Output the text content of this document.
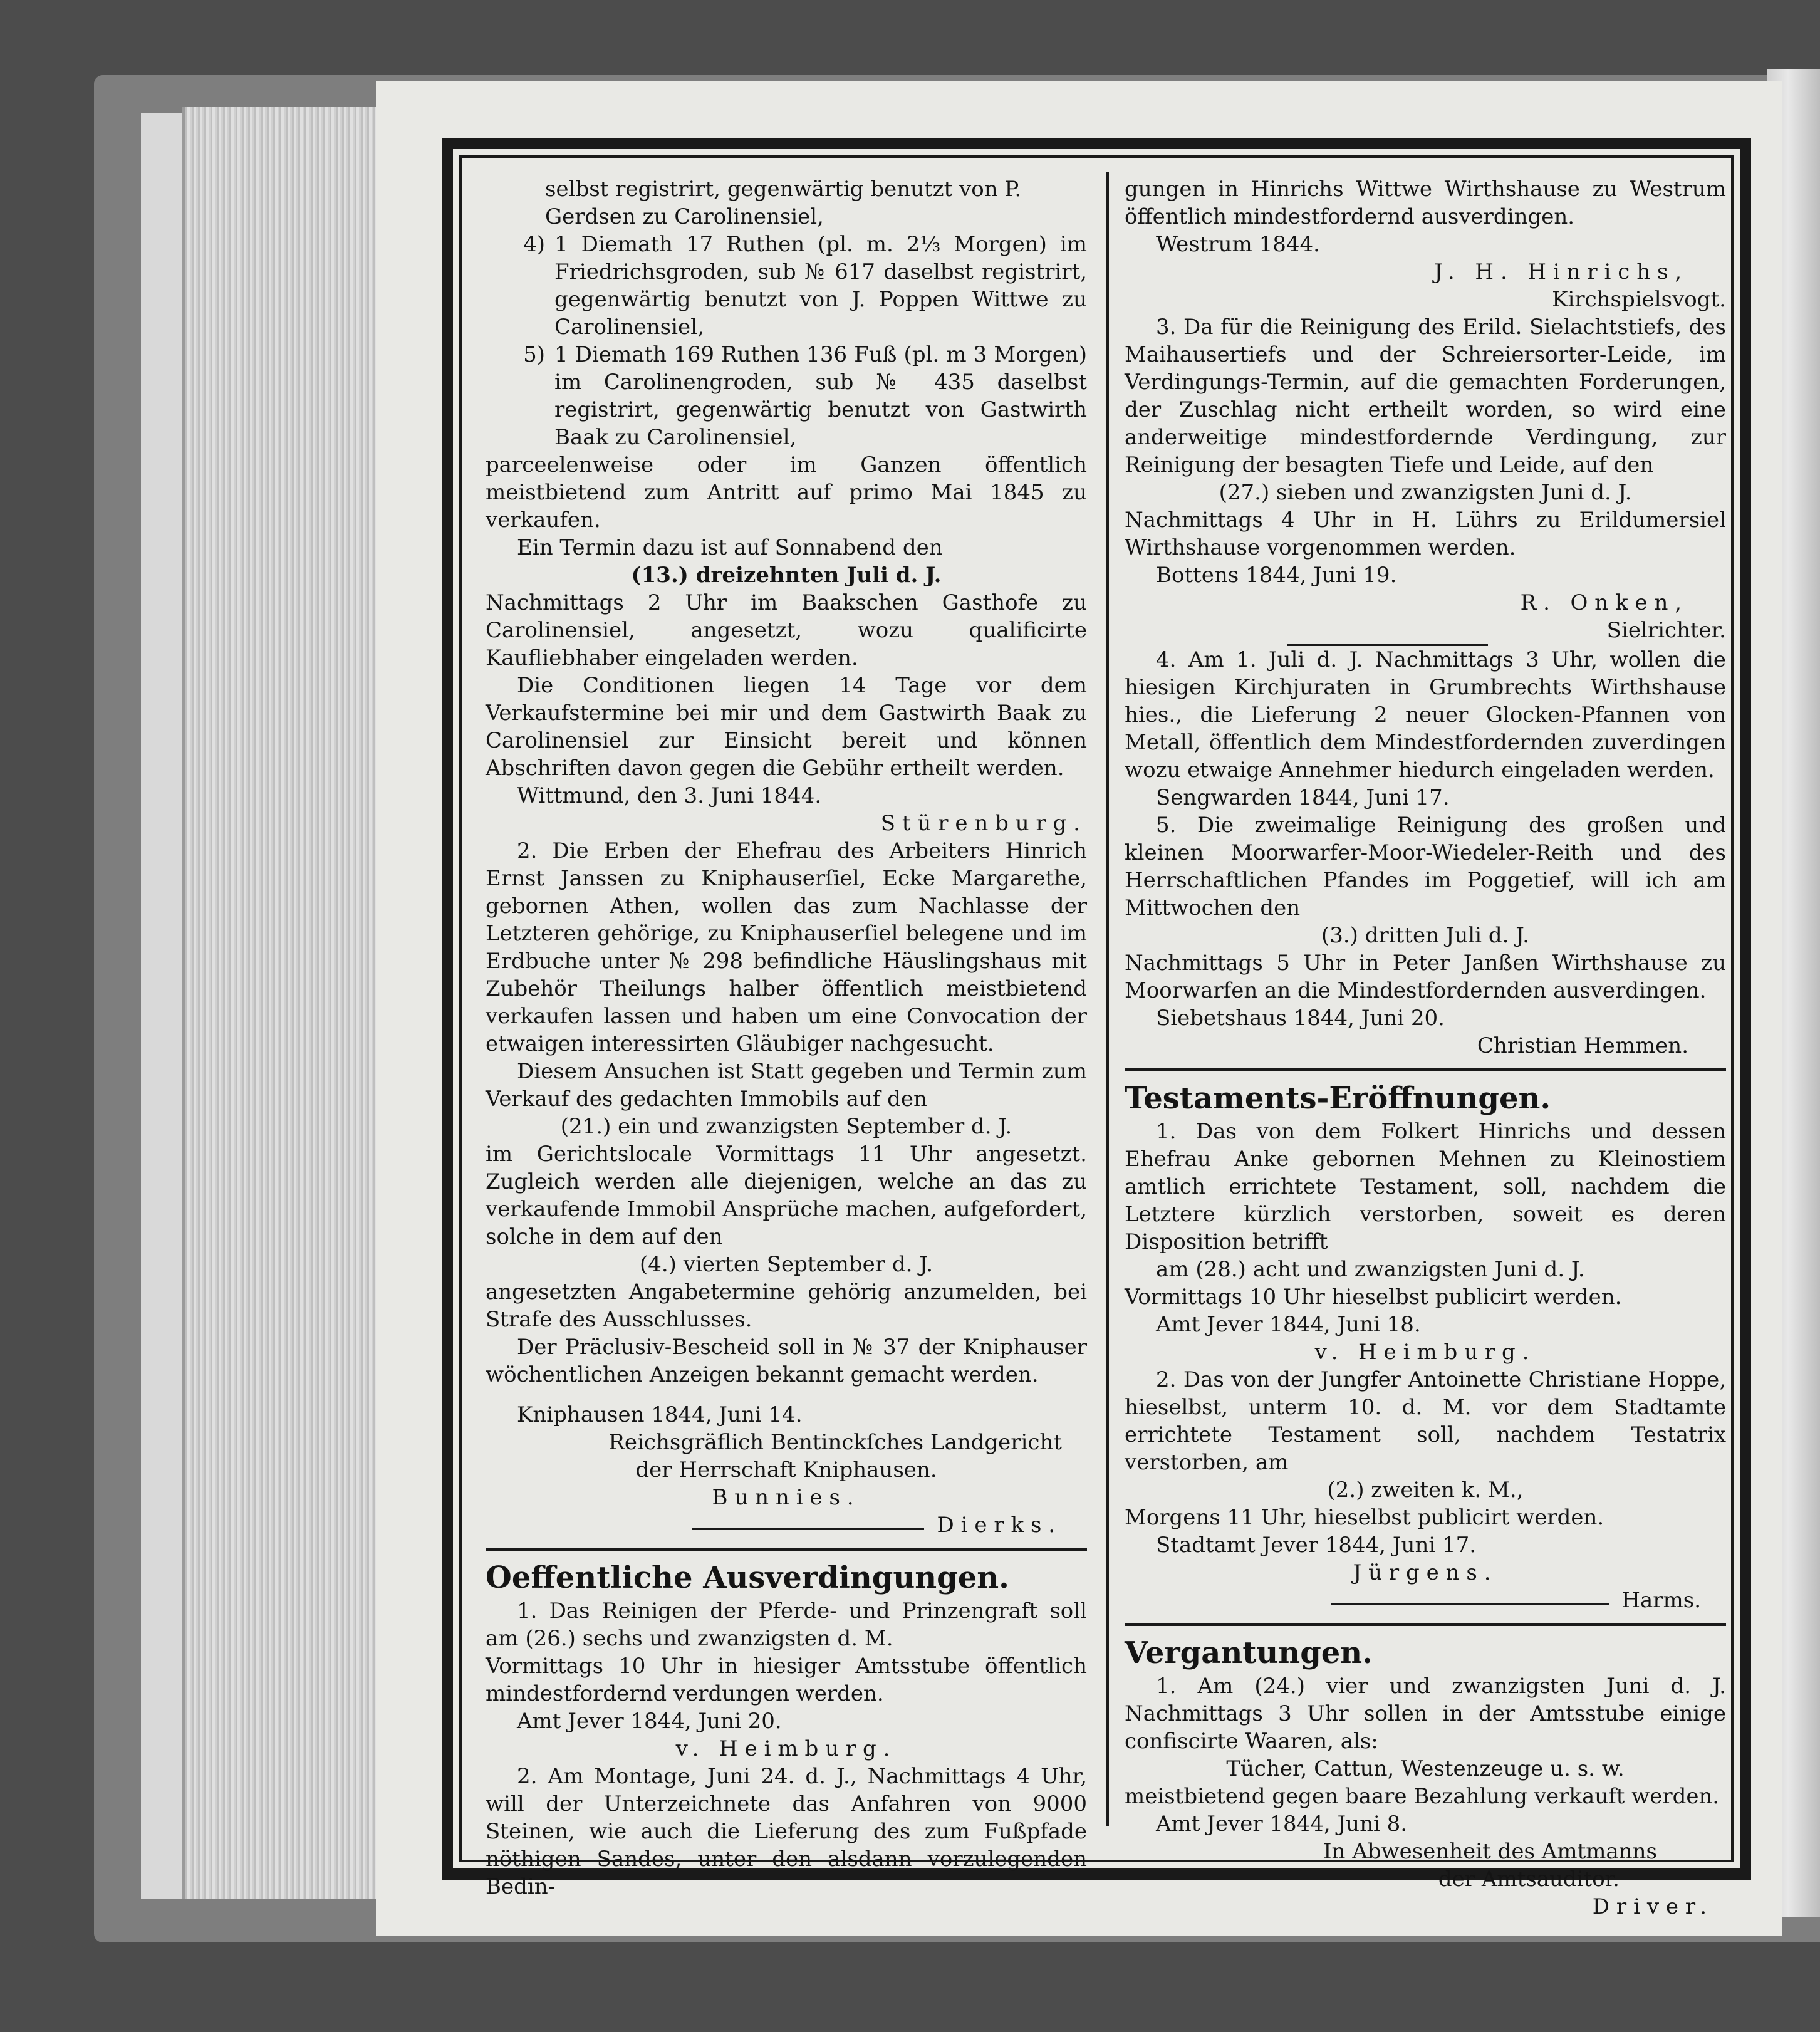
selbst registrirt, gegenwärtig benutzt von P.

Gerdsen zu Carolinensiel,

4) 1 Diemath 17 Ruthen (pl. m. 2⅓ Morgen) im Friedrichsgroden, sub № 617 daselbst registrirt, gegenwärtig benutzt von J. Poppen Wittwe zu Carolinensiel,
5) 1 Diemath 169 Ruthen 136 Fuß (pl. m 3 Morgen) im Carolinengroden, sub № 435 daselbst registrirt, gegenwärtig benutzt von Gastwirth Baak zu Carolinensiel,

parceelenweise oder im Ganzen öffentlich meistbietend zum Antritt auf primo Mai 1845 zu verkaufen.

Ein Termin dazu ist auf Sonnabend den

(13.) dreizehnten Juli d. J.

Nachmittags 2 Uhr im Baakschen Gasthofe zu Carolinensiel, angesetzt, wozu qualificirte Kaufliebhaber eingeladen werden.

Die Conditionen liegen 14 Tage vor dem Verkaufstermine bei mir und dem Gastwirth Baak zu Carolinensiel zur Einsicht bereit und können Abschriften davon gegen die Gebühr ertheilt werden.

Wittmund, den 3. Juni 1844.

Stürenburg.

2. Die Erben der Ehefrau des Arbeiters Hinrich Ernst Janssen zu Kniphauserſiel, Ecke Margarethe, gebornen Athen, wollen das zum Nachlasse der Letzteren gehörige, zu Kniphauserſiel belegene und im Erdbuche unter № 298 befindliche Häuslingshaus mit Zubehör Theilungs halber öffentlich meistbietend verkaufen lassen und haben um eine Convocation der etwaigen interessirten Gläubiger nachgesucht.

Diesem Ansuchen ist Statt gegeben und Termin zum Verkauf des gedachten Immobils auf den

(21.) ein und zwanzigsten September d. J.

im Gerichtslocale Vormittags 11 Uhr angesetzt. Zugleich werden alle diejenigen, welche an das zu verkaufende Immobil Ansprüche machen, aufgefordert, solche in dem auf den

(4.) vierten September d. J.

angesetzten Angabetermine gehörig anzumelden, bei Strafe des Ausschlusses.

Der Präclusiv-Bescheid soll in № 37 der Kniphauser wöchentlichen Anzeigen bekannt gemacht werden.

Kniphausen 1844, Juni 14.

Reichsgräflich Bentinckſches Landgericht

der Herrschaft Kniphausen.

Bunnies.

Dierks.

Oeffentliche Ausverdingungen.

1. Das Reinigen der Pferde- und Prinzengraft soll am (26.) sechs und zwanzigsten d. M.

Vormittags 10 Uhr in hiesiger Amtsstube öffentlich mindestfordernd verdungen werden.

Amt Jever 1844, Juni 20.

v. Heimburg.

2. Am Montage, Juni 24. d. J., Nachmittags 4 Uhr, will der Unterzeichnete das Anfahren von 9000 Steinen, wie auch die Lieferung des zum Fußpfade nöthigen Sandes, unter den alsdann vorzulegenden Bedin-

gungen in Hinrichs Wittwe Wirthshause zu Westrum öffentlich mindestfordernd ausverdingen.

Westrum 1844.

J. H. Hinrichs,

Kirchspielsvogt.

3. Da für die Reinigung des Erild. Sielachtstiefs, des Maihausertiefs und der Schreiersorter-Leide, im Verdingungs-Termin, auf die gemachten Forderungen, der Zuschlag nicht ertheilt worden, so wird eine anderweitige mindestfordernde Verdingung, zur Reinigung der besagten Tiefe und Leide, auf den

(27.) sieben und zwanzigsten Juni d. J.

Nachmittags 4 Uhr in H. Lührs zu Erildumersiel Wirthshause vorgenommen werden.

Bottens 1844, Juni 19.

R. Onken,

Sielrichter.

4. Am 1. Juli d. J. Nachmittags 3 Uhr, wollen die hiesigen Kirchjuraten in Grumbrechts Wirthshause hies., die Lieferung 2 neuer Glocken-Pfannen von Metall, öffentlich dem Mindestfordernden zuverdingen wozu etwaige Annehmer hiedurch eingeladen werden.

Sengwarden 1844, Juni 17.

5. Die zweimalige Reinigung des großen und kleinen Moorwarfer-Moor-Wiedeler-Reith und des Herrschaftlichen Pfandes im Poggetief, will ich am Mittwochen den

(3.) dritten Juli d. J.

Nachmittags 5 Uhr in Peter Janßen Wirthshause zu Moorwarfen an die Mindestfordernden ausverdingen.

Siebetshaus 1844, Juni 20.

Christian Hemmen.

Testaments-Eröffnungen.

1. Das von dem Folkert Hinrichs und dessen Ehefrau Anke gebornen Mehnen zu Kleinostiem amtlich errichtete Testament, soll, nachdem die Letztere kürzlich verstorben, soweit es deren Disposition betrifft

am (28.) acht und zwanzigsten Juni d. J.

Vormittags 10 Uhr hieselbst publicirt werden.

Amt Jever 1844, Juni 18.

v. Heimburg.

2. Das von der Jungfer Antoinette Christiane Hoppe, hieselbst, unterm 10. d. M. vor dem Stadtamte errichtete Testament soll, nachdem Testatrix verstorben, am

(2.) zweiten k. M.,

Morgens 11 Uhr, hieselbst publicirt werden.

Stadtamt Jever 1844, Juni 17.

Jürgens.

Harms.

Vergantungen.

1. Am (24.) vier und zwanzigsten Juni d. J. Nachmittags 3 Uhr sollen in der Amtsstube einige confiscirte Waaren, als:

Tücher, Cattun, Westenzeuge u. s. w.

meistbietend gegen baare Bezahlung verkauft werden.

Amt Jever 1844, Juni 8.

In Abwesenheit des Amtmanns

der Amtsauditor.

Driver.
